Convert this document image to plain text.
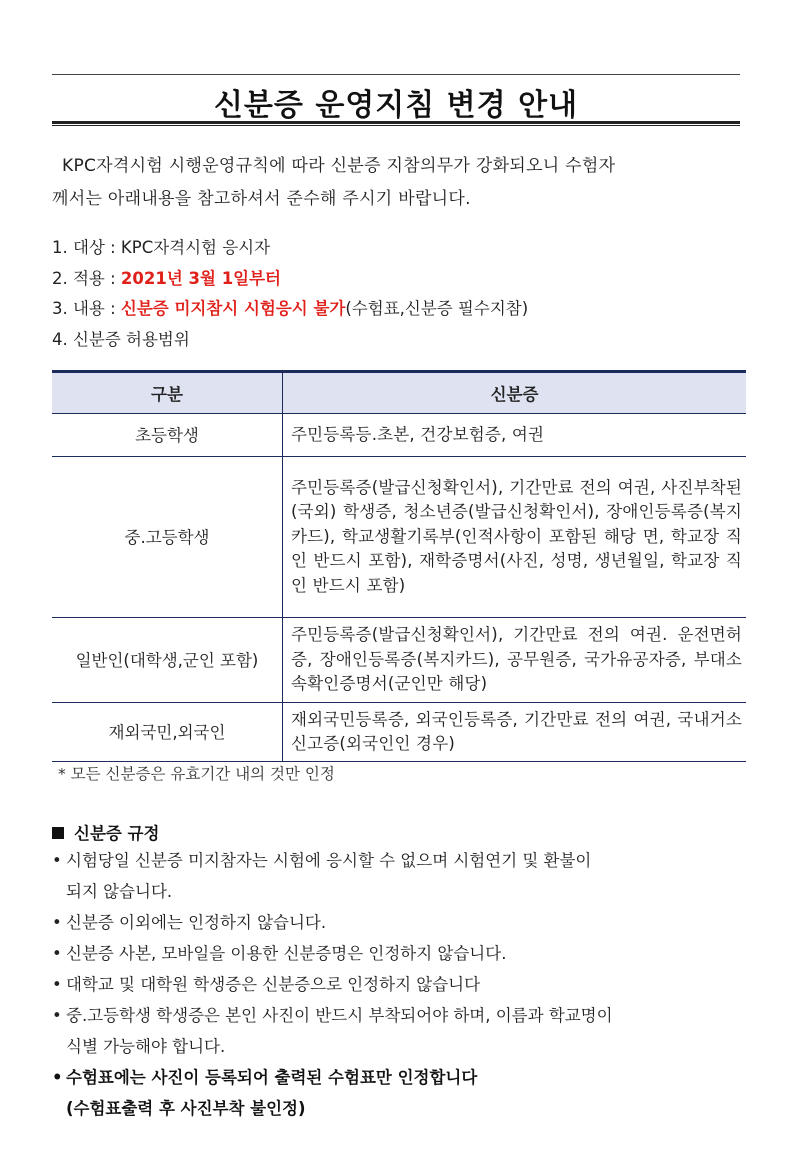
신분증 운영지침 변경 안내
KPC자격시험 시행운영규칙에 따라 신분증 지참의무가 강화되오니 수험자
께서는 아래내용을 참고하셔서 준수해 주시기 바랍니다.
1. 대상 : KPC자격시험 응시자
2. 적용 : 2021년 3월 1일부터
3. 내용 : 신분증 미지참시 시험응시 불가(수험표,신분증 필수지참)
4. 신분증 허용범위
구분	신분증
초등학생	주민등록등.초본, 건강보험증, 여권
중.고등학생	주민등록증(발급신청확인서), 기간만료 전의 여권, 사진부착된(국외) 학생증, 청소년증(발급신청확인서), 장애인등록증(복지카드), 학교생활기록부(인적사항이 포함된 해당 면, 학교장 직인 반드시 포함), 재학증명서(사진, 성명, 생년월일, 학교장 직인 반드시 포함)
일반인(대학생,군인 포함)	주민등록증(발급신청확인서), 기간만료 전의 여권. 운전면허증, 장애인등록증(복지카드), 공무원증, 국가유공자증, 부대소속확인증명서(군인만 해당)
재외국민,외국인	재외국민등록증, 외국인등록증, 기간만료 전의 여권, 국내거소 신고증(외국인인 경우)
* 모든 신분증은 유효기간 내의 것만 인정
신분증 규정
• 시험당일 신분증 미지참자는 시험에 응시할 수 없으며 시험연기 및 환불이
되지 않습니다.
• 신분증 이외에는 인정하지 않습니다.
• 신분증 사본, 모바일을 이용한 신분증명은 인정하지 않습니다.
• 대학교 및 대학원 학생증은 신분증으로 인정하지 않습니다
• 중.고등학생 학생증은 본인 사진이 반드시 부착되어야 하며, 이름과 학교명이
식별 가능해야 합니다.
• 수험표에는 사진이 등록되어 출력된 수험표만 인정합니다
(수험표출력 후 사진부착 불인정)
